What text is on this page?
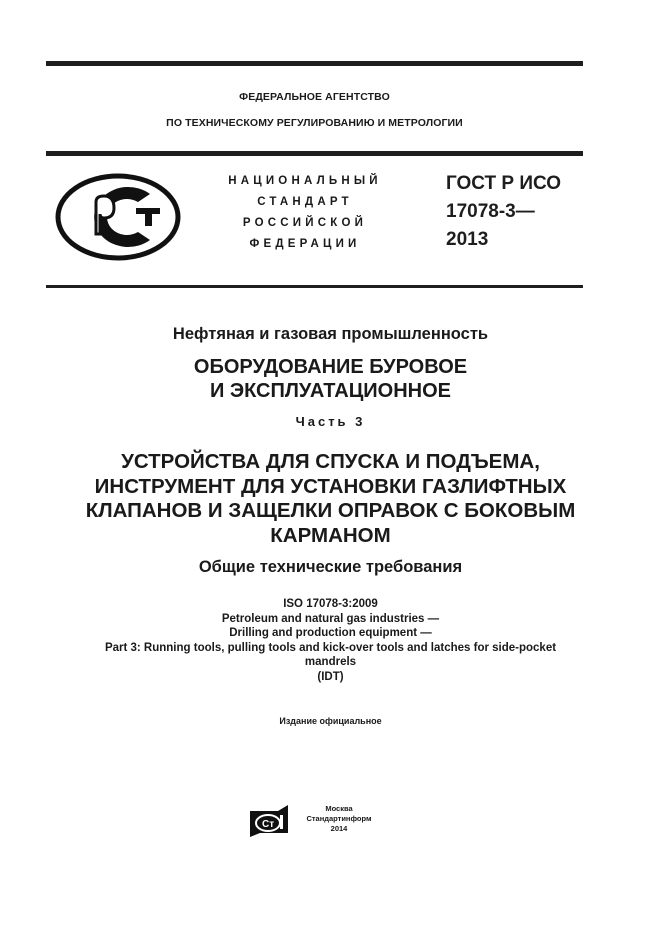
ФЕДЕРАЛЬНОЕ АГЕНТСТВО
ПО ТЕХНИЧЕСКОМУ РЕГУЛИРОВАНИЮ И МЕТРОЛОГИИ
НАЦИОНАЛЬНЫЙ
СТАНДАРТ
РОССИЙСКОЙ
ФЕДЕРАЦИИ
ГОСТ Р ИСО
17078-3—
2013
Нефтяная и газовая промышленность
ОБОРУДОВАНИЕ БУРОВОЕ
И ЭКСПЛУАТАЦИОННОЕ
Часть 3
УСТРОЙСТВА ДЛЯ СПУСКА И ПОДЪЕМА,
ИНСТРУМЕНТ ДЛЯ УСТАНОВКИ ГАЗЛИФТНЫХ
КЛАПАНОВ И ЗАЩЕЛКИ ОПРАВОК С БОКОВЫМ
КАРМАНОМ
Общие технические требования
ISO 17078-3:2009
Petroleum and natural gas industries —
Drilling and production equipment —
Part 3: Running tools, pulling tools and kick-over tools and latches for side-pocket
mandrels
(IDT)
Издание официальное
Ст
Москва
Стандартинформ
2014
